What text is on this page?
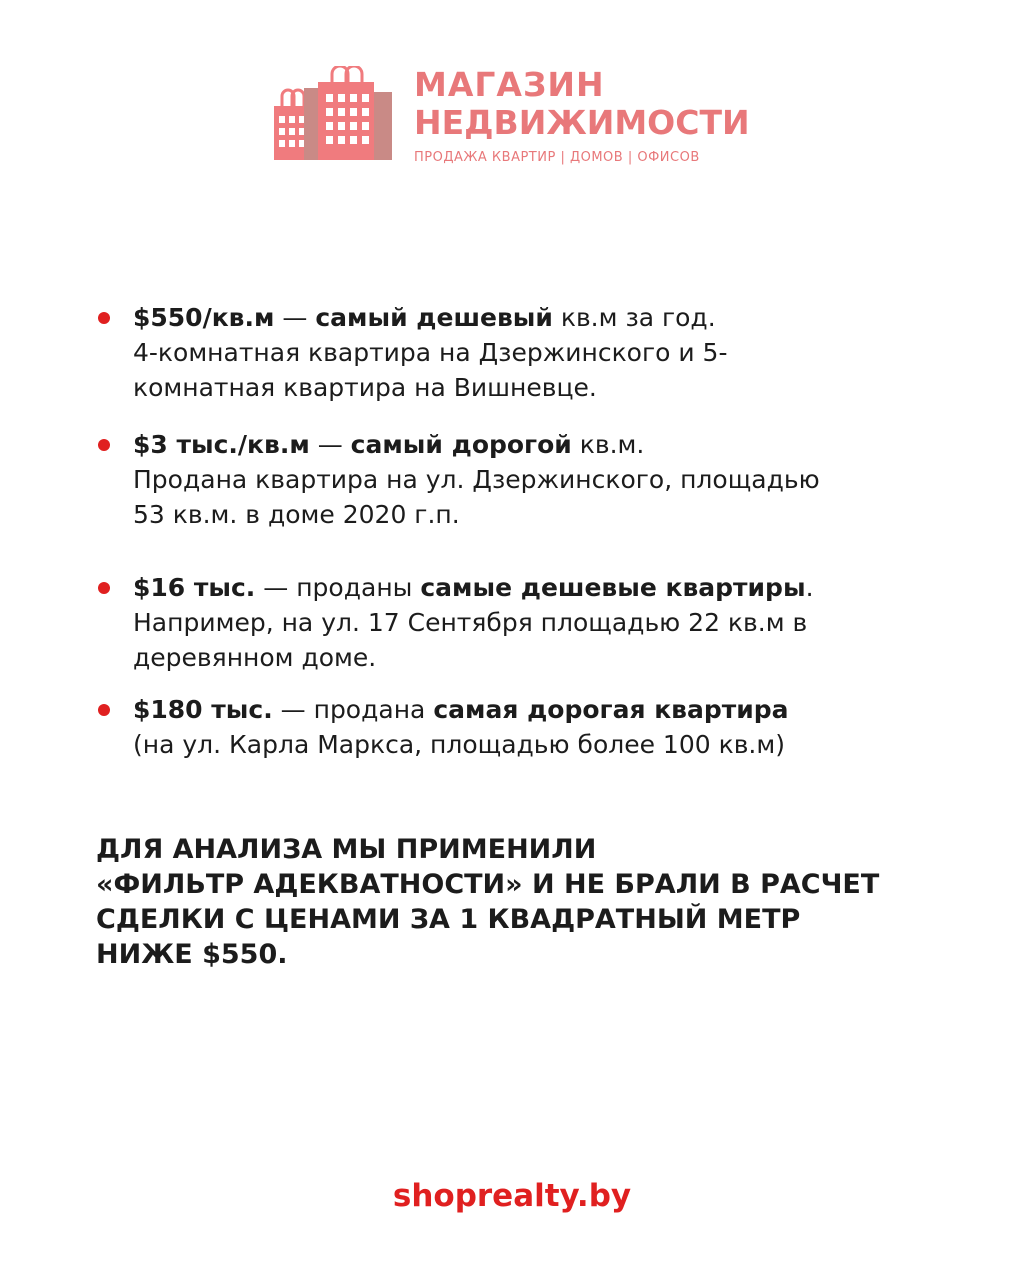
МАГАЗИН
НЕДВИЖИМОСТИ
ПРОДАЖА КВАРТИР | ДОМОВ | ОФИСОВ
$550/кв.м — самый дешевый кв.м за год.
4-комнатная квартира на Дзержинского и 5-
комнатная квартира на Вишневце.
$3 тыс./кв.м — самый дорогой кв.м.
Продана квартира на ул. Дзержинского, площадью
53 кв.м. в доме 2020 г.п.
$16 тыс. — проданы самые дешевые квартиры.
Например, на ул. 17 Сентября площадью 22 кв.м в
деревянном доме.
$180 тыс. — продана самая дорогая квартира
(на ул. Карла Маркса, площадью более 100 кв.м)
ДЛЯ АНАЛИЗА МЫ ПРИМЕНИЛИ
«ФИЛЬТР АДЕКВАТНОСТИ» И НЕ БРАЛИ В РАСЧЕТ
СДЕЛКИ С ЦЕНАМИ ЗА 1 КВАДРАТНЫЙ МЕТР
НИЖЕ $550.
shoprealty.by
